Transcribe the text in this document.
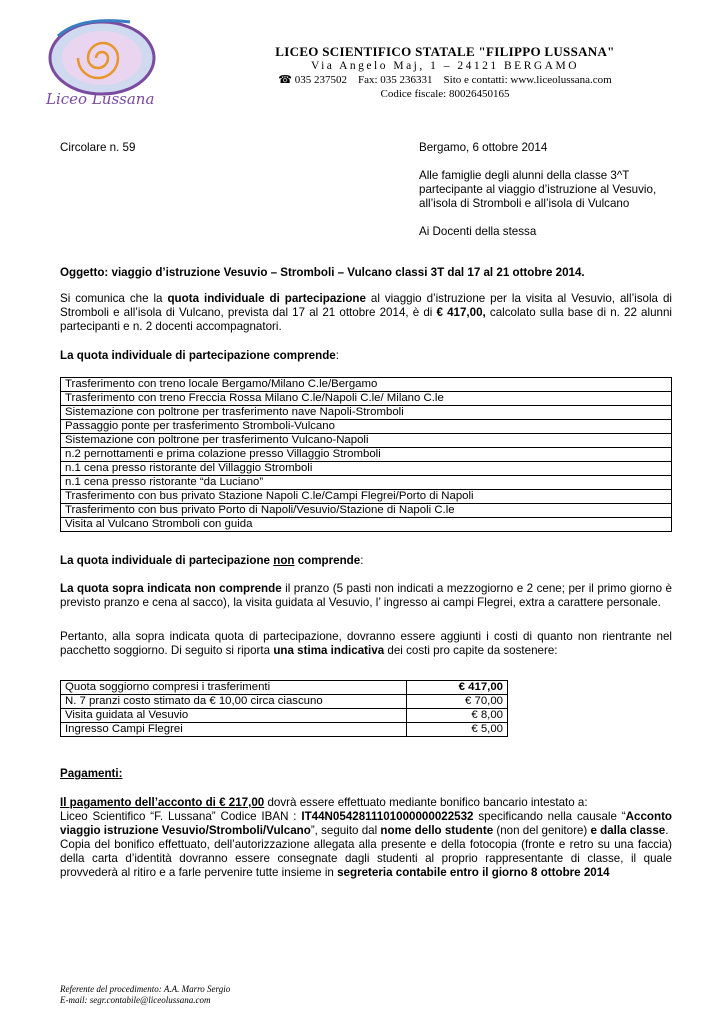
Liceo Lussana
LICEO SCIENTIFICO STATALE "FILIPPO LUSSANA"
Via Angelo Maj, 1 – 24121 BERGAMO
☎ 035 237502 Fax: 035 236331 Sito e contatti: www.liceolussana.com
Codice fiscale: 80026450165
Circolare n. 59	Bergamo, 6 ottobre 2014
Alle famiglie degli alunni della classe 3^T
partecipante al viaggio d’istruzione al Vesuvio,
all’isola di Stromboli e all’isola di Vulcano
Ai Docenti della stessa
Oggetto: viaggio d’istruzione Vesuvio – Stromboli – Vulcano classi 3T dal 17 al 21 ottobre 2014.

Si comunica che la quota individuale di partecipazione al viaggio d’istruzione per la visita al Vesuvio, all’isola di Stromboli e all’isola di Vulcano, prevista dal 17 al 21 ottobre 2014, è di € 417,00, calcolato sulla base di n. 22 alunni partecipanti e n. 2 docenti accompagnatori.

La quota individuale di partecipazione comprende:
Trasferimento con treno locale Bergamo/Milano C.le/Bergamo
Trasferimento con treno Freccia Rossa Milano C.le/Napoli C.le/ Milano C.le
Sistemazione con poltrone per trasferimento nave Napoli-Stromboli
Passaggio ponte per trasferimento Stromboli-Vulcano
Sistemazione con poltrone per trasferimento Vulcano-Napoli
n.2 pernottamenti e prima colazione presso Villaggio Stromboli
n.1 cena presso ristorante del Villaggio Stromboli
n.1 cena presso ristorante “da Luciano”
Trasferimento con bus privato Stazione Napoli C.le/Campi Flegrei/Porto di Napoli
Trasferimento con bus privato Porto di Napoli/Vesuvio/Stazione di Napoli C.le
Visita al Vulcano Stromboli con guida
La quota individuale di partecipazione non comprende:

La quota sopra indicata non comprende il pranzo (5 pasti non indicati a mezzogiorno e 2 cene; per il primo giorno è previsto pranzo e cena al sacco), la visita guidata al Vesuvio, l’ ingresso ai campi Flegrei, extra a carattere personale.

Pertanto, alla sopra indicata quota di partecipazione, dovranno essere aggiunti i costi di quanto non rientrante nel pacchetto soggiorno. Di seguito si riporta una stima indicativa dei costi pro capite da sostenere:

Quota soggiorno compresi i trasferimenti	€ 417,00
N. 7 pranzi costo stimato da € 10,00 circa ciascuno	€ 70,00
Visita guidata al Vesuvio	€ 8,00
Ingresso Campi Flegrei	€ 5,00
Pagamenti:

Il pagamento dell’acconto di € 217,00 dovrà essere effettuato mediante bonifico bancario intestato a:

Liceo Scientifico “F. Lussana” Codice IBAN : IT44N0542811101000000022532 specificando nella causale “Acconto viaggio istruzione Vesuvio/Stromboli/Vulcano”, seguito dal nome dello studente (non del genitore) e dalla classe.

Copia del bonifico effettuato, dell’autorizzazione allegata alla presente e della fotocopia (fronte e retro su una faccia) della carta d’identità dovranno essere consegnate dagli studenti al proprio rappresentante di classe, il quale provvederà al ritiro e a farle pervenire tutte insieme in segreteria contabile entro il giorno 8 ottobre 2014

Referente del procedimento: A.A. Marro Sergio
E-mail: segr.contabile@liceolussana.com
